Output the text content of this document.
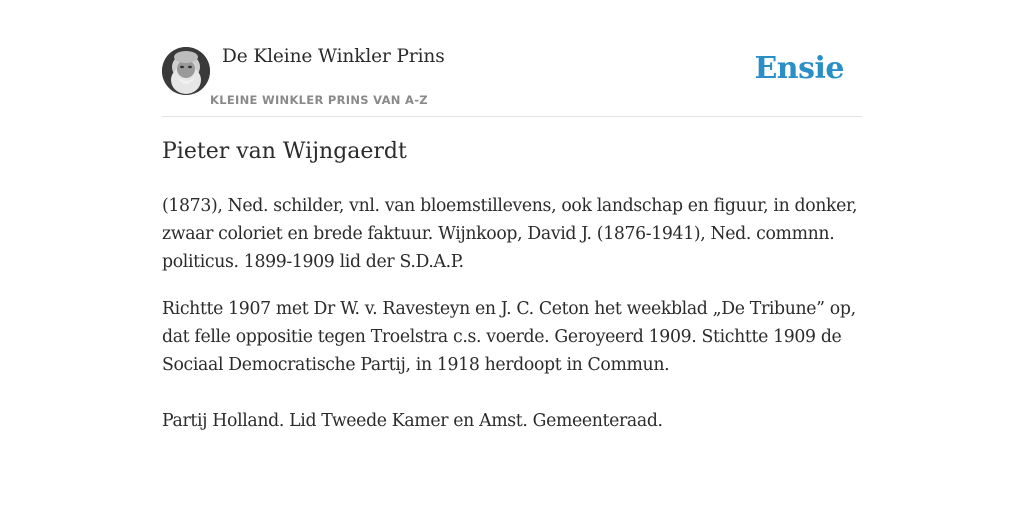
De Kleine Winkler Prins
KLEINE WINKLER PRINS VAN A-Z
Ensie
Pieter van Wijngaerdt

(1873), Ned. schilder, vnl. van bloemstillevens, ook landschap en figuur, in donker, zwaar coloriet en brede faktuur. Wijnkoop, David J. (1876-1941), Ned. commnn. politicus. 1899-1909 lid der S.D.A.P.

Richtte 1907 met Dr W. v. Ravesteyn en J. C. Ceton het weekblad „De Tribune” op, dat felle oppositie tegen Troelstra c.s. voerde. Geroyeerd 1909. Stichtte 1909 de Sociaal Democratische Partij, in 1918 herdoopt in Commun.

Partij Holland. Lid Tweede Kamer en Amst. Gemeenteraad.
